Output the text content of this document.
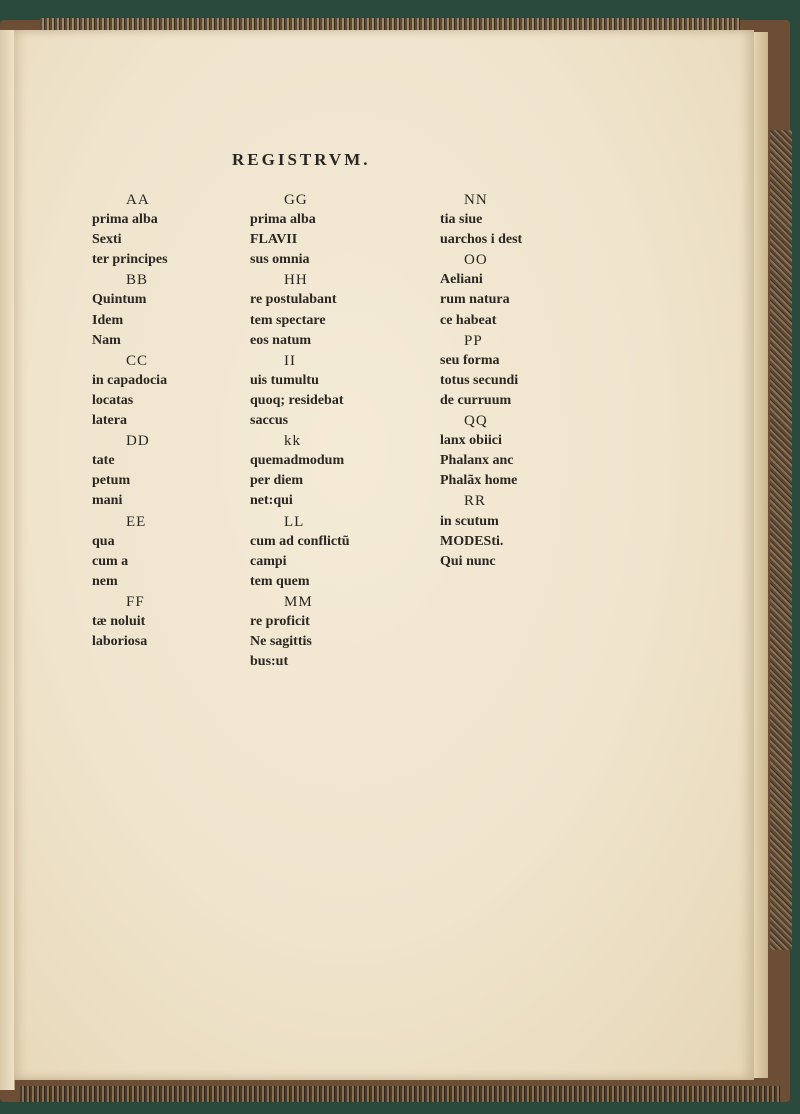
REGISTRVM.
AA
prima alba
Sexti
ter principes
BB
Quintum
Idem
Nam
CC
in capadocia
locatas
latera
DD
tate
petum
mani
EE
qua
cum a
nem
FF
tæ noluit
laboriosa
GG
prima alba
FLAVII
sus omnia
HH
re postulabant
tem spectare
eos natum
II
uis tumultu
quoq; residebat
saccus
kk
quemadmodum
per diem
net:qui
LL
cum ad conflictũ
campi
tem quem
MM
re proficit
Ne sagittis
bus:ut
NN
tia siue
uarchos i dest
OO
Aeliani
rum natura
ce habeat
PP
seu forma
totus secundi
de curruum
QQ
lanx obiici
Phalanx anc
Phalãx home
RR
in scutum
MODESti.
Qui nunc
